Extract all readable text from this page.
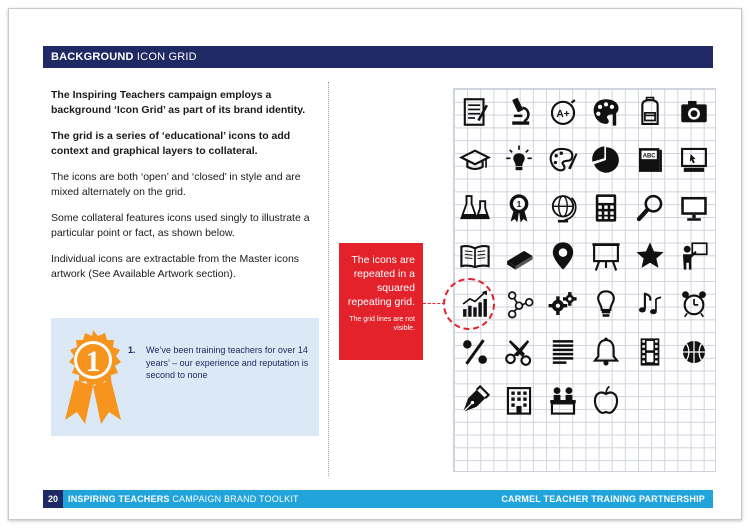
BACKGROUND ICON GRID

The Inspiring Teachers campaign employs a background ‘Icon Grid’ as part of its brand identity.

The grid is a series of ‘educational’ icons to add context and graphical layers to collateral.

The icons are both ‘open’ and ‘closed’ in style and are mixed alternately on the grid.

Some collateral features icons used singly to illustrate a particular point or fact, as shown below.

Individual icons are extractable from the Master icons artwork (See Available Artwork section).

1	1. We’ve been training teachers for over 14 years’ – our experience and reputation is second to none
The icons are repeated in a squared repeating grid.
The grid lines are not visible.
A+
ABC
1
20	INSPIRING TEACHERS CAMPAIGN BRAND TOOLKIT	CARMEL TEACHER TRAINING PARTNERSHIP
